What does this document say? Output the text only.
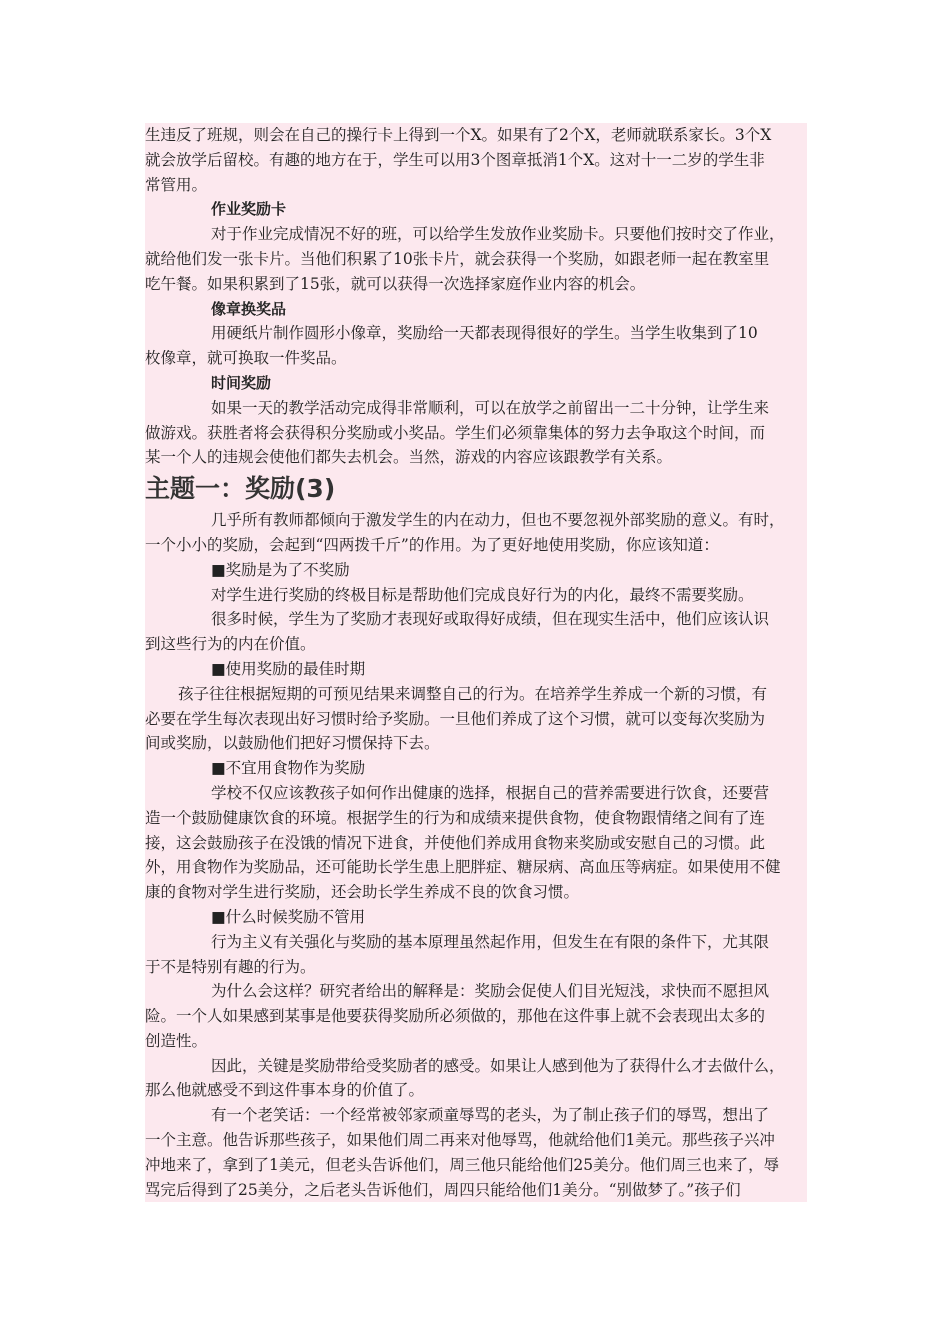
生违反了班规，则会在自己的操行卡上得到一个X。如果有了2个X，老师就联系家长。3个X
就会放学后留校。有趣的地方在于，学生可以用3个图章抵消1个X。这对十一二岁的学生非
常管用。
作业奖励卡
对于作业完成情况不好的班，可以给学生发放作业奖励卡。只要他们按时交了作业，
就给他们发一张卡片。当他们积累了10张卡片，就会获得一个奖励，如跟老师一起在教室里
吃午餐。如果积累到了15张，就可以获得一次选择家庭作业内容的机会。
像章换奖品
用硬纸片制作圆形小像章，奖励给一天都表现得很好的学生。当学生收集到了10
枚像章，就可换取一件奖品。
时间奖励
如果一天的教学活动完成得非常顺利，可以在放学之前留出一二十分钟，让学生来
做游戏。获胜者将会获得积分奖励或小奖品。学生们必须靠集体的努力去争取这个时间，而
某一个人的违规会使他们都失去机会。当然，游戏的内容应该跟教学有关系。
主题一：奖励(3)
几乎所有教师都倾向于激发学生的内在动力，但也不要忽视外部奖励的意义。有时，
一个小小的奖励，会起到“四两拨千斤”的作用。为了更好地使用奖励，你应该知道：
■奖励是为了不奖励
对学生进行奖励的终极目标是帮助他们完成良好行为的内化，最终不需要奖励。
很多时候，学生为了奖励才表现好或取得好成绩，但在现实生活中，他们应该认识
到这些行为的内在价值。
■使用奖励的最佳时期
孩子往往根据短期的可预见结果来调整自己的行为。在培养学生养成一个新的习惯，有
必要在学生每次表现出好习惯时给予奖励。一旦他们养成了这个习惯，就可以变每次奖励为
间或奖励，以鼓励他们把好习惯保持下去。
■不宜用食物作为奖励
学校不仅应该教孩子如何作出健康的选择，根据自己的营养需要进行饮食，还要营
造一个鼓励健康饮食的环境。根据学生的行为和成绩来提供食物，使食物跟情绪之间有了连
接，这会鼓励孩子在没饿的情况下进食，并使他们养成用食物来奖励或安慰自己的习惯。此
外，用食物作为奖励品，还可能助长学生患上肥胖症、糖尿病、高血压等病症。如果使用不健
康的食物对学生进行奖励，还会助长学生养成不良的饮食习惯。
■什么时候奖励不管用
行为主义有关强化与奖励的基本原理虽然起作用，但发生在有限的条件下，尤其限
于不是特别有趣的行为。
为什么会这样？研究者给出的解释是：奖励会促使人们目光短浅，求快而不愿担风
险。一个人如果感到某事是他要获得奖励所必须做的，那他在这件事上就不会表现出太多的
创造性。
因此，关键是奖励带给受奖励者的感受。如果让人感到他为了获得什么才去做什么，
那么他就感受不到这件事本身的价值了。
有一个老笑话：一个经常被邻家顽童辱骂的老头，为了制止孩子们的辱骂，想出了
一个主意。他告诉那些孩子，如果他们周二再来对他辱骂，他就给他们1美元。那些孩子兴冲
冲地来了，拿到了1美元，但老头告诉他们，周三他只能给他们25美分。他们周三也来了，辱
骂完后得到了25美分，之后老头告诉他们，周四只能给他们1美分。“别做梦了。”孩子们
